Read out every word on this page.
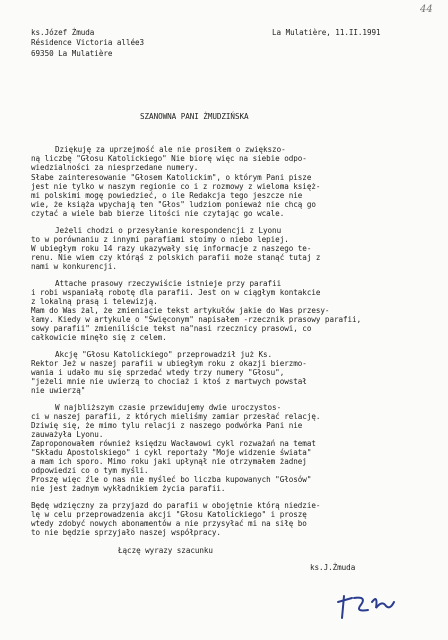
44
ks.Józef Żmuda
Résidence Victoria allée3
69350 La Mulatière
La Mulatière, 11.II.1991
SZANOWNA PANI ŻMUDZIŃSKA
Dziękuję za uprzejmość ale nie prosiłem o zwiększo-
ną liczbę "Głosu Katolickiego" Nie biorę więc na siebie odpo-
wiedzialności za niesprzedane numery.
Słabe zainteresowanie "Głosem Katolickim", o którym Pani pisze
jest nie tylko w naszym regionie co i z rozmowy z wieloma księż-
mi polskimi mogę powiedzieć, o ile Redakcja tego jeszcze nie
wie, że książa wpychają ten "Głos" ludziom ponieważ nie chcą go
czytać a wiele bab bierze litości nie czytając go wcale.
Jeżeli chodzi o przesyłanie korespondencji z Lyonu
to w porównaniu z innymi parafiami stoimy o niebo lepiej.
W ubiegłym roku 14 razy ukazywały się informacje z naszego te-
renu. Nie wiem czy którąś z polskich parafii może stanąć tutaj z
nami w konkurencji.
Attache prasowy rzeczywiście istnieje przy parafii
i robi wspaniałą robotę dla parafii. Jest on w ciągłym kontakcie
z lokalną prasą i telewizją.
Mam do Was żal, że zmieniacie tekst artykułów jakie do Was przesy-
łamy. Kiedy w artykule o "Święconym" napisałem -rzecznik prasowy parafii,
sowy parafii" zmieniliście tekst na"nasi rzecznicy prasowi, co
całkowicie minęło się z celem.
Akcję "Głosu Katolickiego" przeprowadził już Ks.
Rektor Jeż w naszej parafii w ubiegłym roku z okazji bierzmo-
wania i udało mu się sprzedać wtedy trzy numery "Głosu",
"jeżeli mnie nie uwierzą to chociaż i ktoś z martwych powstał
nie uwierzą"
W najbliższym czasie przewidujemy dwie uroczystos-
ci w naszej parafii, z których mieliśmy zamiar przesłać relację.
Dziwię się, że mimo tylu relacji z naszego podwórka Pani nie
zauważyła Lyonu.
Zaproponowałem również księdzu Wacławowi cykl rozważań na temat
"Składu Apostolskiego" i cykl reportaży "Moje widzenie świata"
a mam ich sporo. Mimo roku jaki upłynął nie otrzymałem żadnej
odpowiedzi co o tym myśli.
Proszę więc źle o nas nie myśleć bo liczba kupowanych "Głosów"
nie jest żadnym wykładnikiem życia parafii.
Będę wdzięczny za przyjazd do parafii w obojętnie którą niedzie-
lę w celu przeprowadzenia akcji "Głosu Katolickiego" i proszę
wtedy zdobyć nowych abonamentów a nie przysyłać mi na siłę bo
to nie będzie sprzyjało naszej współpracy.
Łączę wyrazy szacunku
ks.J.Żmuda
